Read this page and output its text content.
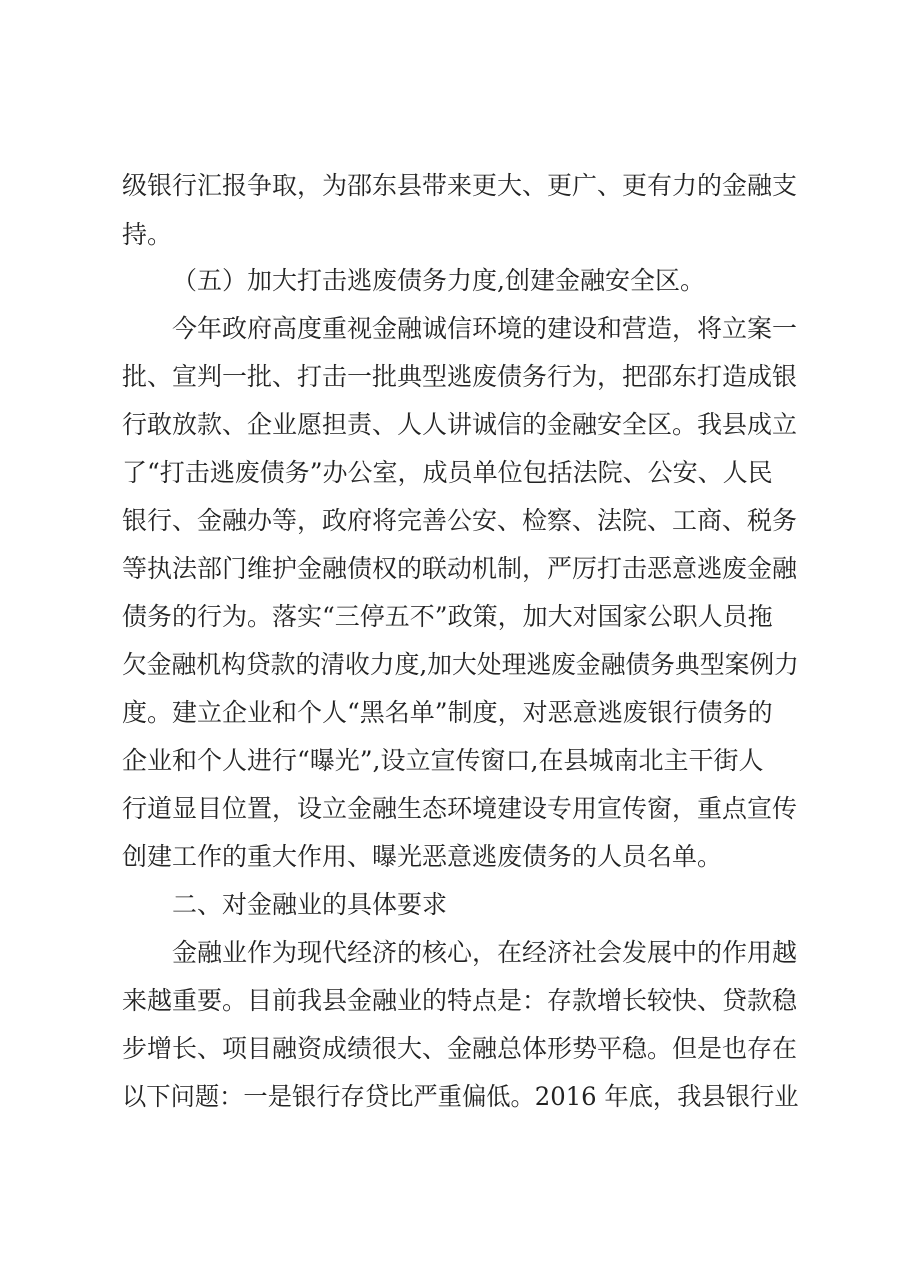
级银行汇报争取，为邵东县带来更大、更广、更有力的金融支
持。
（五）加大打击逃废债务力度,创建金融安全区。
今年政府高度重视金融诚信环境的建设和营造，将立案一
批、宣判一批、打击一批典型逃废债务行为，把邵东打造成银
行敢放款、企业愿担责、人人讲诚信的金融安全区。我县成立
了“打击逃废债务”办公室，成员单位包括法院、公安、人民
银行、金融办等，政府将完善公安、检察、法院、工商、税务
等执法部门维护金融债权的联动机制，严厉打击恶意逃废金融
债务的行为。落实“三停五不”政策，加大对国家公职人员拖
欠金融机构贷款的清收力度,加大处理逃废金融债务典型案例力
度。建立企业和个人“黑名单”制度，对恶意逃废银行债务的
企业和个人进行“曝光”,设立宣传窗口,在县城南北主干街人
行道显目位置，设立金融生态环境建设专用宣传窗，重点宣传
创建工作的重大作用、曝光恶意逃废债务的人员名单。
二、对金融业的具体要求
金融业作为现代经济的核心，在经济社会发展中的作用越
来越重要。目前我县金融业的特点是：存款增长较快、贷款稳
步增长、项目融资成绩很大、金融总体形势平稳。但是也存在
以下问题：一是银行存贷比严重偏低。2016 年底，我县银行业
